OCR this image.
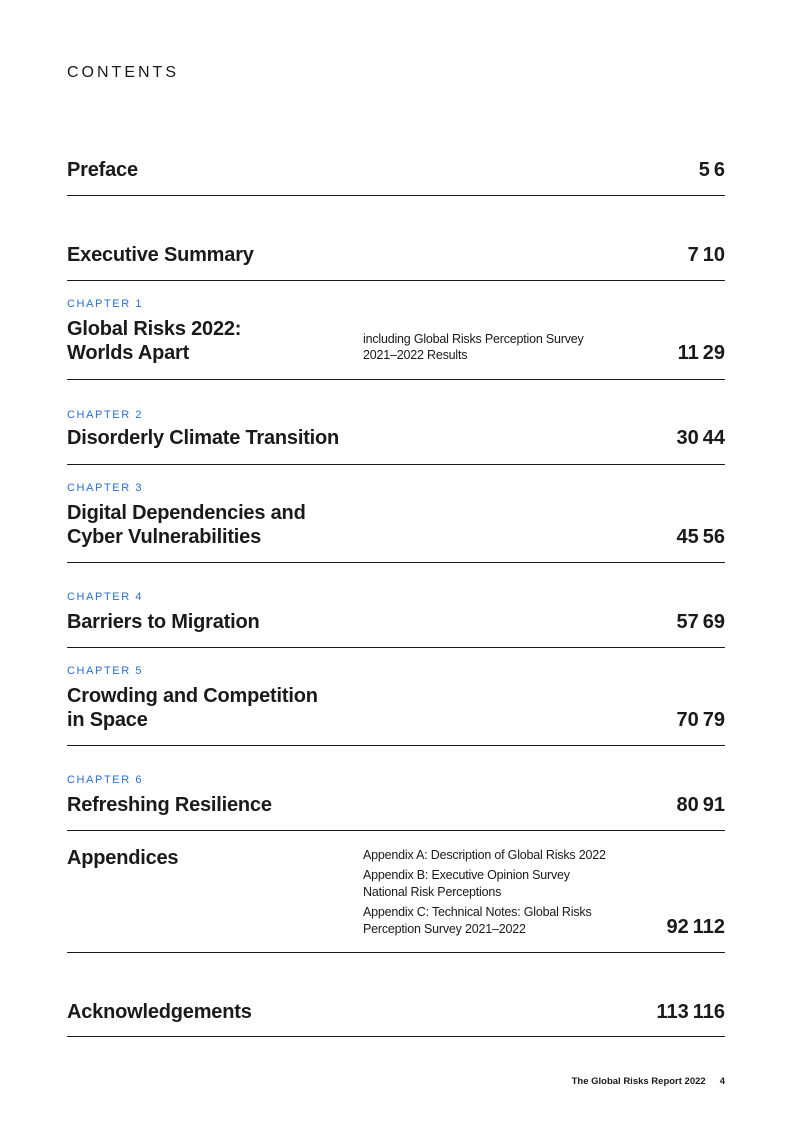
CONTENTS
Preface	5 6
Executive Summary	7 10
CHAPTER 1
Global Risks 2022:
Worlds Apart
including Global Risks Perception Survey
2021–2022 Results	11 29
CHAPTER 2
Disorderly Climate Transition	30 44
CHAPTER 3
Digital Dependencies and
Cyber Vulnerabilities	45 56
CHAPTER 4
Barriers to Migration	57 69
CHAPTER 5
Crowding and Competition
in Space	70 79
CHAPTER 6
Refreshing Resilience	80 91
Appendices	Appendix A: Description of Global Risks 2022
Appendix B: Executive Opinion Survey
National Risk Perceptions
Appendix C: Technical Notes: Global Risks
Perception Survey 2021–2022	92 112
Acknowledgements	113 116
The Global Risks Report 2022 4
